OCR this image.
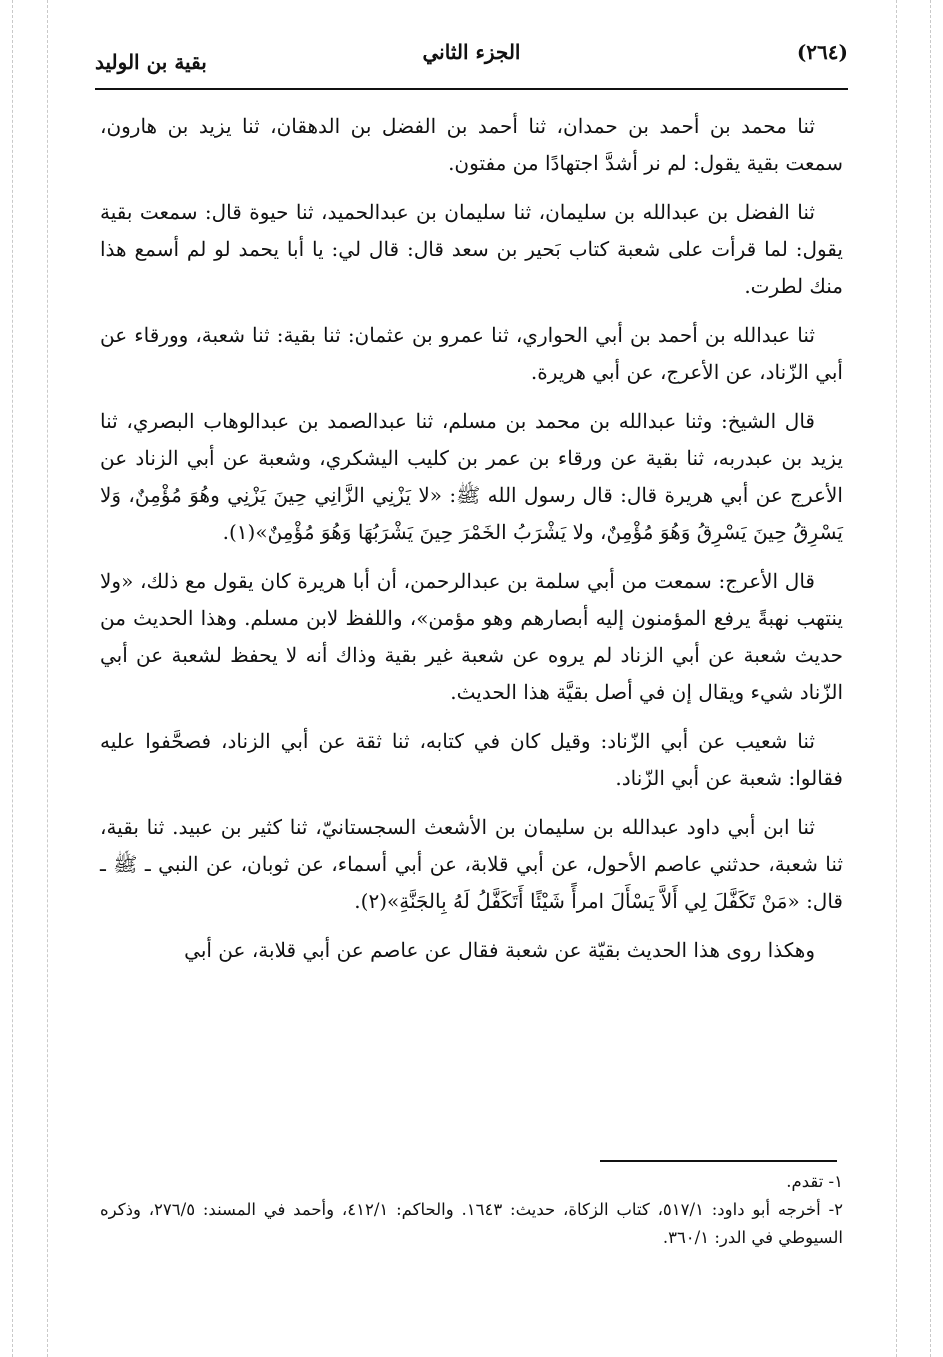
بقية بن الوليد	الجزء الثاني	(٢٦٤)

ثنا محمد بن أحمد بن حمدان، ثنا أحمد بن الفضل بن الدهقان، ثنا يزيد بن هارون، سمعت بقية يقول: لم نر أشدَّ اجتهادًا من مفتون.

ثنا الفضل بن عبدالله بن سليمان، ثنا سليمان بن عبدالحميد، ثنا حيوة قال: سمعت بقية يقول: لما قرأت على شعبة كتاب بَحير بن سعد قال: قال لي: يا أبا يحمد لو لم أسمع هذا منك لطرت.

ثنا عبدالله بن أحمد بن أبي الحواري، ثنا عمرو بن عثمان: ثنا بقية: ثنا شعبة، وورقاء عن أبي الزّناد، عن الأعرج، عن أبي هريرة.

قال الشيخ: وثنا عبدالله بن محمد بن مسلم، ثنا عبدالصمد بن عبدالوهاب البصري، ثنا يزيد بن عبدربه، ثنا بقية عن ورقاء بن عمر بن كليب اليشكري، وشعبة عن أبي الزناد عن الأعرج عن أبي هريرة قال: قال رسول الله ﷺ: «لا يَزْنِي الزَّانِي حِينَ يَزْنِي وهُوَ مُؤْمِنٌ، وَلا يَسْرِقُ حِينَ يَسْرِقُ وَهُوَ مُؤْمِنٌ، ولا يَشْرَبُ الخَمْرَ حِينَ يَشْرَبُهَا وَهُوَ مُؤْمِنٌ»(١).

قال الأعرج: سمعت من أبي سلمة بن عبدالرحمن، أن أبا هريرة كان يقول مع ذلك، «ولا ينتهب نهبةً يرفع المؤمنون إليه أبصارهم وهو مؤمن»، واللفظ لابن مسلم. وهذا الحديث من حديث شعبة عن أبي الزناد لم يروه عن شعبة غير بقية وذاك أنه لا يحفظ لشعبة عن أبي الزّناد شيء ويقال إن في أصل بقيَّة هذا الحديث.

ثنا شعيب عن أبي الزّناد: وقيل كان في كتابه، ثنا ثقة عن أبي الزناد، فصحَّفوا عليه فقالوا: شعبة عن أبي الزّناد.

ثنا ابن أبي داود عبدالله بن سليمان بن الأشعث السجستانيّ، ثنا كثير بن عبيد. ثنا بقية، ثنا شعبة، حدثني عاصم الأحول، عن أبي قلابة، عن أبي أسماء، عن ثوبان، عن النبي ـ ﷺ ـ قال: «مَنْ تَكَفَّلَ لِي أَلاَّ يَسْأَلَ امرأً شَيْئًا أَتَكَفَّلُ لَهُ بِالجَنَّةِ»(٢).

وهكذا روى هذا الحديث بقيّة عن شعبة فقال عن عاصم عن أبي قلابة، عن أبي

١- تقدم.

٢- أخرجه أبو داود: ٥١٧/١، كتاب الزكاة، حديث: ١٦٤٣. والحاكم: ٤١٢/١، وأحمد في المسند: ٢٧٦/٥، وذكره السيوطي في الدر: ٣٦٠/١.
